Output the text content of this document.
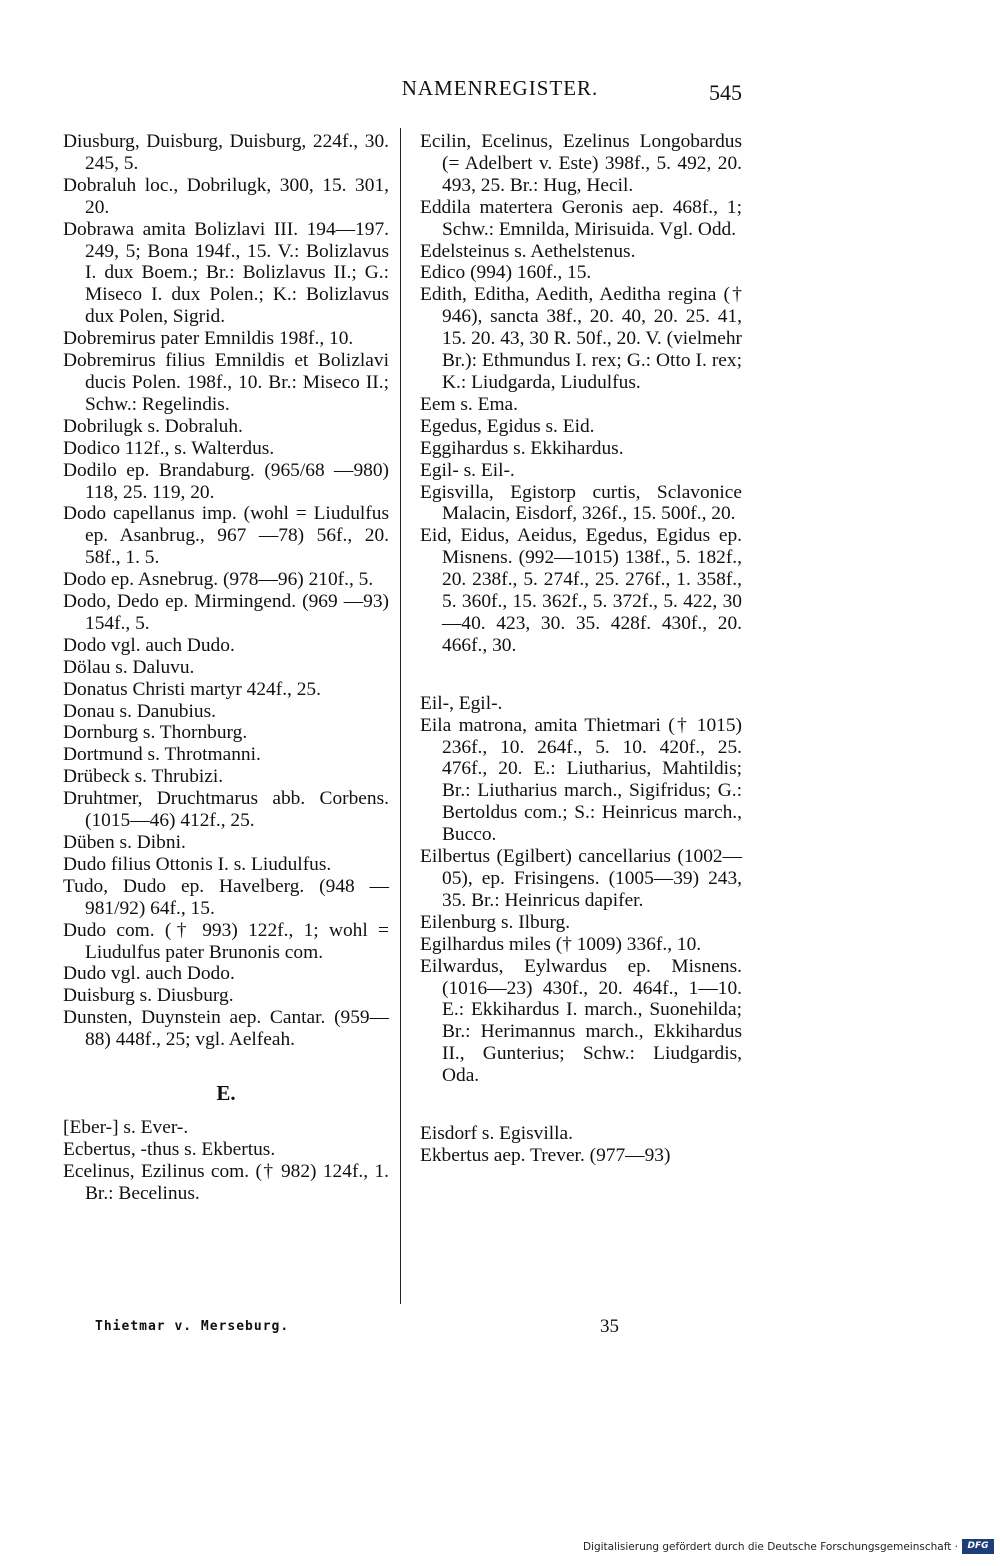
NAMENREGISTER.	545

Diusburg, Duisburg, Duisburg, 224f., 30. 245, 5.

Dobraluh loc., Dobrilugk, 300, 15. 301, 20.

Dobrawa amita Bolizlavi III. 194—197. 249, 5; Bona 194f., 15. V.: Bolizlavus I. dux Boem.; Br.: Bolizlavus II.; G.: Miseco I. dux Polen.; K.: Bolizlavus dux Polen, Sigrid.

Dobremirus pater Emnildis 198f., 10.

Dobremirus filius Emnildis et Bolizlavi ducis Polen. 198f., 10. Br.: Miseco II.; Schw.: Regelindis.

Dobrilugk s. Dobraluh.

Dodico 112f., s. Walterdus.

Dodilo ep. Brandaburg. (965/68 —980) 118, 25. 119, 20.

Dodo capellanus imp. (wohl = Liudulfus ep. Asanbrug., 967 —78) 56f., 20. 58f., 1. 5.

Dodo ep. Asnebrug. (978—96) 210f., 5.

Dodo, Dedo ep. Mirmingend. (969 —93) 154f., 5.

Dodo vgl. auch Dudo.

Dölau s. Daluvu.

Donatus Christi martyr 424f., 25.

Donau s. Danubius.

Dornburg s. Thornburg.

Dortmund s. Throtmanni.

Drübeck s. Thrubizi.

Druhtmer, Druchtmarus abb. Corbens. (1015—46) 412f., 25.

Düben s. Dibni.

Dudo filius Ottonis I. s. Liudulfus.

Tudo, Dudo ep. Havelberg. (948 —981/92) 64f., 15.

Dudo com. († 993) 122f., 1; wohl = Liudulfus pater Brunonis com.

Dudo vgl. auch Dodo.

Duisburg s. Diusburg.

Dunsten, Duynstein aep. Cantar. (959—88) 448f., 25; vgl. Aelfeah.

E.

[Eber-] s. Ever-.

Ecbertus, -thus s. Ekbertus.

Ecelinus, Ezilinus com. († 982) 124f., 1. Br.: Becelinus.

Ecilin, Ecelinus, Ezelinus Longobardus (= Adelbert v. Este) 398f., 5. 492, 20. 493, 25. Br.: Hug, Hecil.

Eddila matertera Geronis aep. 468f., 1; Schw.: Emnilda, Mirisuida. Vgl. Odd.

Edelsteinus s. Aethelstenus.

Edico (994) 160f., 15.

Edith, Editha, Aedith, Aeditha regina († 946), sancta 38f., 20. 40, 20. 25. 41, 15. 20. 43, 30 R. 50f., 20. V. (vielmehr Br.): Ethmundus I. rex; G.: Otto I. rex; K.: Liudgarda, Liudulfus.

Eem s. Ema.

Egedus, Egidus s. Eid.

Eggihardus s. Ekkihardus.

Egil- s. Eil-.

Egisvilla, Egistorp curtis, Sclavonice Malacin, Eisdorf, 326f., 15. 500f., 20.

Eid, Eidus, Aeidus, Egedus, Egidus ep. Misnens. (992—1015) 138f., 5. 182f., 20. 238f., 5. 274f., 25. 276f., 1. 358f., 5. 360f., 15. 362f., 5. 372f., 5. 422, 30—40. 423, 30. 35. 428f. 430f., 20. 466f., 30.

Eil-, Egil-.

Eila matrona, amita Thietmari († 1015) 236f., 10. 264f., 5. 10. 420f., 25. 476f., 20. E.: Liutharius, Mahtildis; Br.: Liutharius march., Sigifridus; G.: Bertoldus com.; S.: Heinricus march., Bucco.

Eilbertus (Egilbert) cancellarius (1002—05), ep. Frisingens. (1005—39) 243, 35. Br.: Heinricus dapifer.

Eilenburg s. Ilburg.

Egilhardus miles († 1009) 336f., 10.

Eilwardus, Eylwardus ep. Misnens. (1016—23) 430f., 20. 464f., 1—10. E.: Ekkihardus I. march., Suonehilda; Br.: Herimannus march., Ekkihardus II., Gunterius; Schw.: Liudgardis, Oda.

Eisdorf s. Egisvilla.

Ekbertus aep. Trever. (977—93)

Thietmar v. Merseburg.	35
Digitalisierung gefördert durch die Deutsche Forschungsgemeinschaft ·	DFG
